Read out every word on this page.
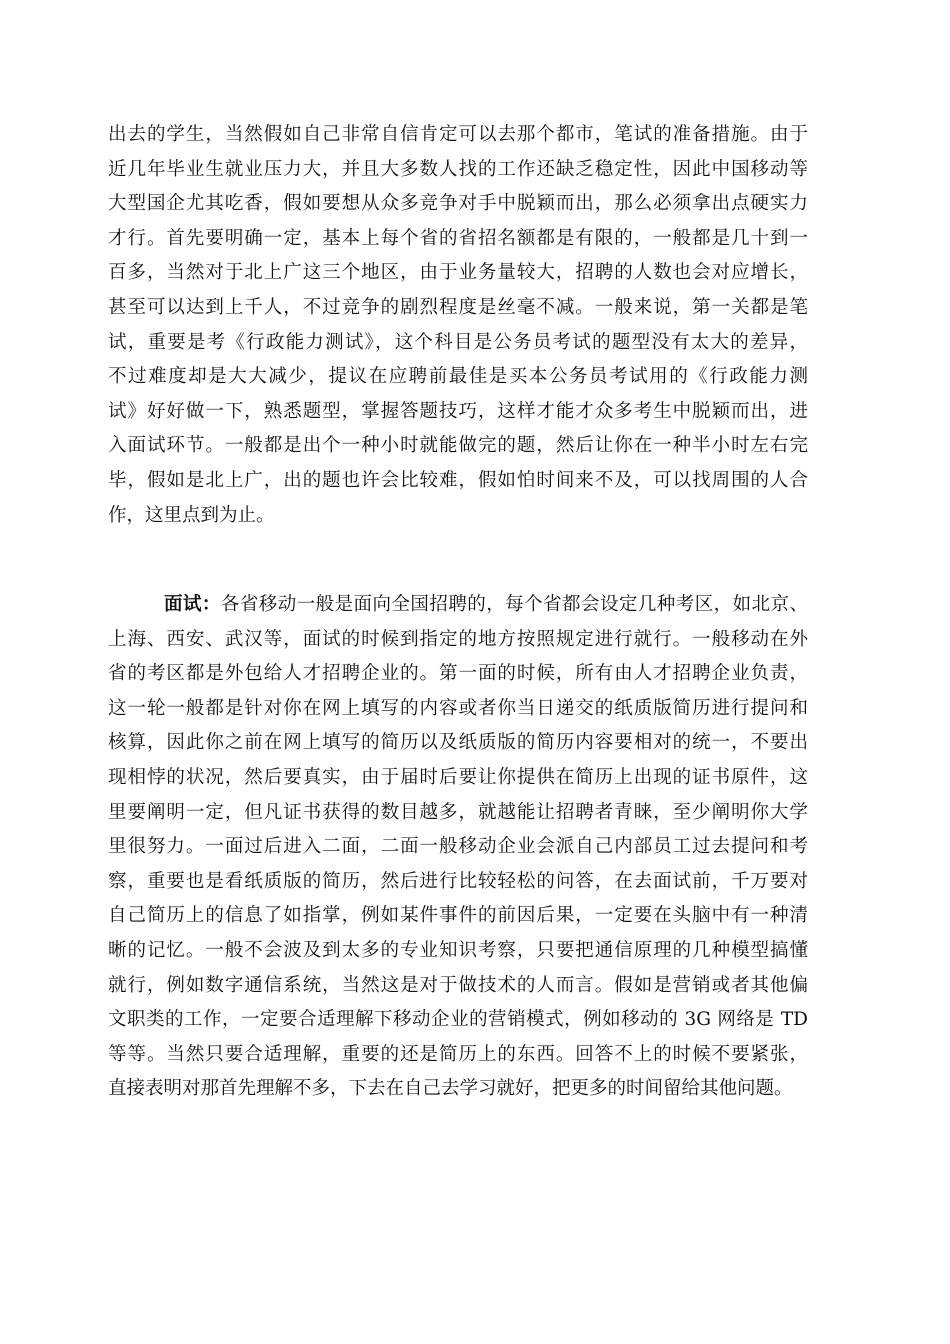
出去的学生，当然假如自己非常自信肯定可以去那个都市，笔试的准备措施。由于
近几年毕业生就业压力大，并且大多数人找的工作还缺乏稳定性，因此中国移动等
大型国企尤其吃香，假如要想从众多竞争对手中脱颖而出，那么必须拿出点硬实力
才行。首先要明确一定，基本上每个省的省招名额都是有限的，一般都是几十到一
百多，当然对于北上广这三个地区，由于业务量较大，招聘的人数也会对应增长，
甚至可以达到上千人，不过竞争的剧烈程度是丝毫不减。一般来说，第一关都是笔
试，重要是考《行政能力测试》，这个科目是公务员考试的题型没有太大的差异，
不过难度却是大大减少，提议在应聘前最佳是买本公务员考试用的《行政能力测
试》好好做一下，熟悉题型，掌握答题技巧，这样才能才众多考生中脱颖而出，进
入面试环节。一般都是出个一种小时就能做完的题，然后让你在一种半小时左右完
毕，假如是北上广，出的题也许会比较难，假如怕时间来不及，可以找周围的人合
作，这里点到为止。
面试：各省移动一般是面向全国招聘的，每个省都会设定几种考区，如北京、
上海、西安、武汉等，面试的时候到指定的地方按照规定进行就行。一般移动在外
省的考区都是外包给人才招聘企业的。第一面的时候，所有由人才招聘企业负责，
这一轮一般都是针对你在网上填写的内容或者你当日递交的纸质版简历进行提问和
核算，因此你之前在网上填写的简历以及纸质版的简历内容要相对的统一，不要出
现相悖的状况，然后要真实，由于届时后要让你提供在简历上出现的证书原件，这
里要阐明一定，但凡证书获得的数目越多，就越能让招聘者青睐，至少阐明你大学
里很努力。一面过后进入二面，二面一般移动企业会派自己内部员工过去提问和考
察，重要也是看纸质版的简历，然后进行比较轻松的问答，在去面试前，千万要对
自己简历上的信息了如指掌，例如某件事件的前因后果，一定要在头脑中有一种清
晰的记忆。一般不会波及到太多的专业知识考察，只要把通信原理的几种模型搞懂
就行，例如数字通信系统，当然这是对于做技术的人而言。假如是营销或者其他偏
文职类的工作，一定要合适理解下移动企业的营销模式，例如移动的 3G 网络是 TD
等等。当然只要合适理解，重要的还是简历上的东西。回答不上的时候不要紧张，
直接表明对那首先理解不多，下去在自己去学习就好，把更多的时间留给其他问题。
